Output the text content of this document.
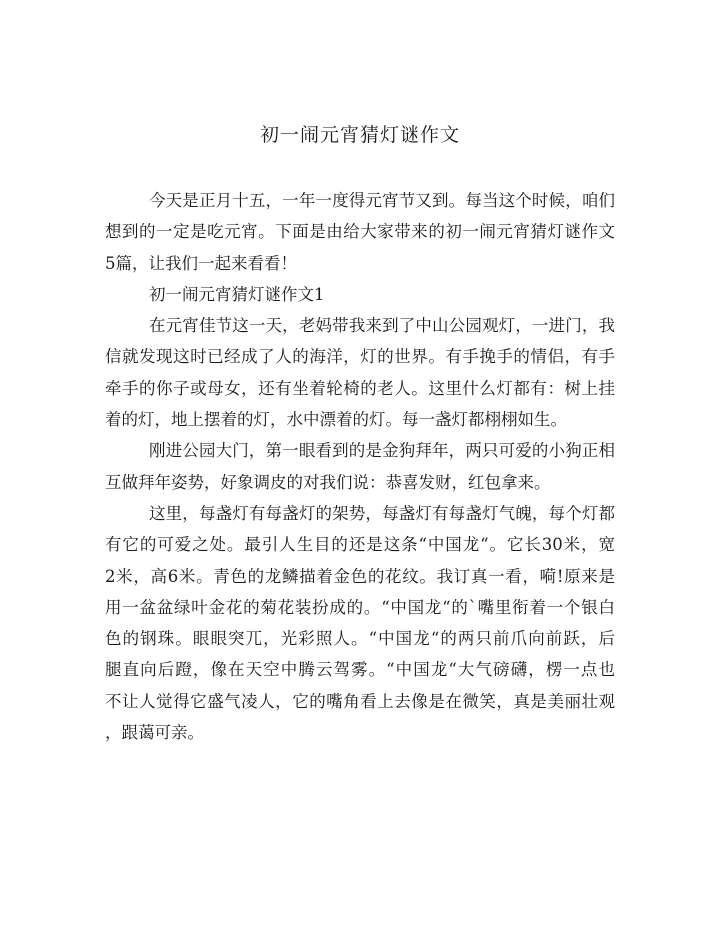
初一闹元宵猜灯谜作文
今天是正月十五，一年一度得元宵节又到。每当这个时候，咱们
想到的一定是吃元宵。下面是由给大家带来的初一闹元宵猜灯谜作文
5篇，让我们一起来看看！
初一闹元宵猜灯谜作文1
在元宵佳节这一天，老妈带我来到了中山公园观灯，一进门，我
信就发现这时已经成了人的海洋，灯的世界。有手挽手的情侣，有手
牵手的你子或母女，还有坐着轮椅的老人。这里什么灯都有：树上挂
着的灯，地上摆着的灯，水中漂着的灯。每一盏灯都栩栩如生。
刚进公园大门，第一眼看到的是金狗拜年，两只可爱的小狗正相
互做拜年姿势，好象调皮的对我们说：恭喜发财，红包拿来。
这里，每盏灯有每盏灯的架势，每盏灯有每盏灯气魄，每个灯都
有它的可爱之处。最引人生目的还是这条“中国龙“。它长30米，宽
2米，高6米。青色的龙鳞描着金色的花纹。我订真一看，嗬!原来是
用一盆盆绿叶金花的菊花装扮成的。“中国龙“的`嘴里衔着一个银白
色的钢珠。眼眼突兀，光彩照人。“中国龙“的两只前爪向前跃，后
腿直向后蹬，像在天空中腾云驾雾。“中国龙“大气磅礴，楞一点也
不让人觉得它盛气凌人，它的嘴角看上去像是在微笑，真是美丽壮观
，跟蔼可亲。
